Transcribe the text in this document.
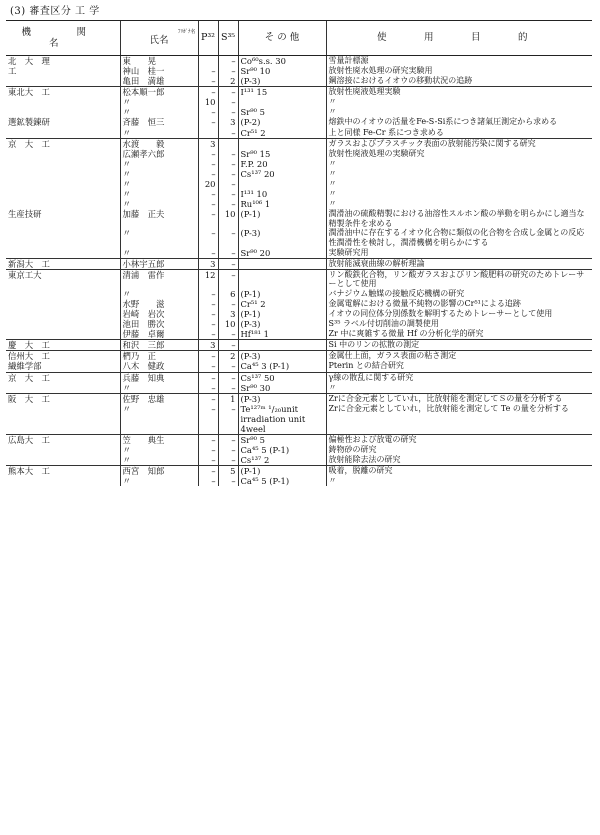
(3) 審査区分 工 学
機　関　名	ﾌﾘｶﾞﾅ名
氏名	P³²	S³⁵	そ の 他	使　用　目　的
北　大　理	東　　晃		–	Co⁶⁰s.s. 30	雪量計標源
工	神山　桂一	–	–	Sr⁹⁰ 10	放射性廃水処理の研究実験用
	亀田　満雄	–	2	(P-3)	鋼溶接におけるイオウの移動状況の追跡
東北大　工	松本順一郎	–	–	I¹³¹ 15	放射性廃液処理実験
	〃	10	–		〃
	〃	–	–	Sr⁹⁰ 5	〃
選鉱製錬研	斉藤　恒三	–	3	(P-2)	熔鉄中のイオウの活量をFe-S-Si系につき諸氣圧測定から求める
	〃		–	Cr⁵¹ 2	上と同様 Fe-Cr 系につき求める
京　大　工	水渡　　毅	3			ガラスおよびプラスチック表面の放射能汚染に関する研究
	広瀬孝六郎	–	–	Sr⁹⁰ 15	放射性廃液処理の実験研究
	〃	–	–	F.P. 20	〃
	〃	–	–	Cs¹³⁷ 20	〃
	〃	20	–		〃
	〃	–	–	I¹³¹ 10	〃
	〃	–	–	Ru¹⁰⁶ 1	〃
生産技研	加藤　正夫	–	10	(P-1)	潤滑油の硫酸精製における油溶性スルホン酸の挙動を明らかにし適当な精製条件を求める
	〃	–	–	(P-3)	潤滑油中に存在するイオウ化合物に類似の化合物を合成し金属との反応性潤滑性を検討し，潤滑機構を明らかにする
	〃	–	–	Sr⁹⁰ 20	実験研究用
新潟大　工	小林宇五郎	3	–		放射能滅衰曲線の解析理論
東京工大	清浦　雷作	12	–		リン酸鉄化合物，リン酸ガラスおよびリン酸肥料の研究のためトレーサーとして使用
	〃	–	6	(P-1)	バナジウム触媒の接触反応機構の研究
	水野　　滋	–	–	Cr⁵¹ 2	金属電解における微量不純物の影響のCr⁵¹による追跡
	岩崎　岩次	–	3	(P-1)	イオウの同位体分別係数を解明するためトレーサーとして使用
	池田　勝次	–	10	(P-3)	S³⁵ ラベル付切削油の調製使用
	伊藤　卓爾	–	–	Hf¹⁸¹ 1	Zr 中に爽雑する微量 Hf の分析化学的研究
慶　大　工	和沢　三郎	3	–		Si 中のリンの拡散の測定
信州大　工	椚乃　正	–	2	(P-3)	金属仕上面，ガラス表面の粘さ測定
繊維学部	八木　健政	–	–	Ca⁴⁵ 3 (P-1)	Pterin との結合研究
京　大　工	兵藤　知典	–	–	Cs¹³⁷ 50	γ線の散乱に関する研究
	〃	–	–	Sr⁹⁰ 30	〃
阪　大　工	佐野　忠雄	–	1	(P-3)	Zrに合金元素としていれ，比放射能を測定してＳの量を分析する
	〃	–	–	Te¹²⁷ᵐ ¹/₂₀unit irradiation unit 4weel	Zrに合金元素としていれ，比放射能を測定して Te の量を分析する
広島大　工	笠　　典生	–	–	Sr⁹⁰ 5	偏極性および放電の研究
	〃	–	–	Ca⁴⁵ 5 (P-1)	鋳物砂の研究
	〃	–	–	Cs¹³⁷ 2	放射能除去法の研究
熊本大　工	西宮　知郎	–	5	(P-1)	吸着，脱離の研究
	〃	–	–	Ca⁴⁵ 5 (P-1)	〃
